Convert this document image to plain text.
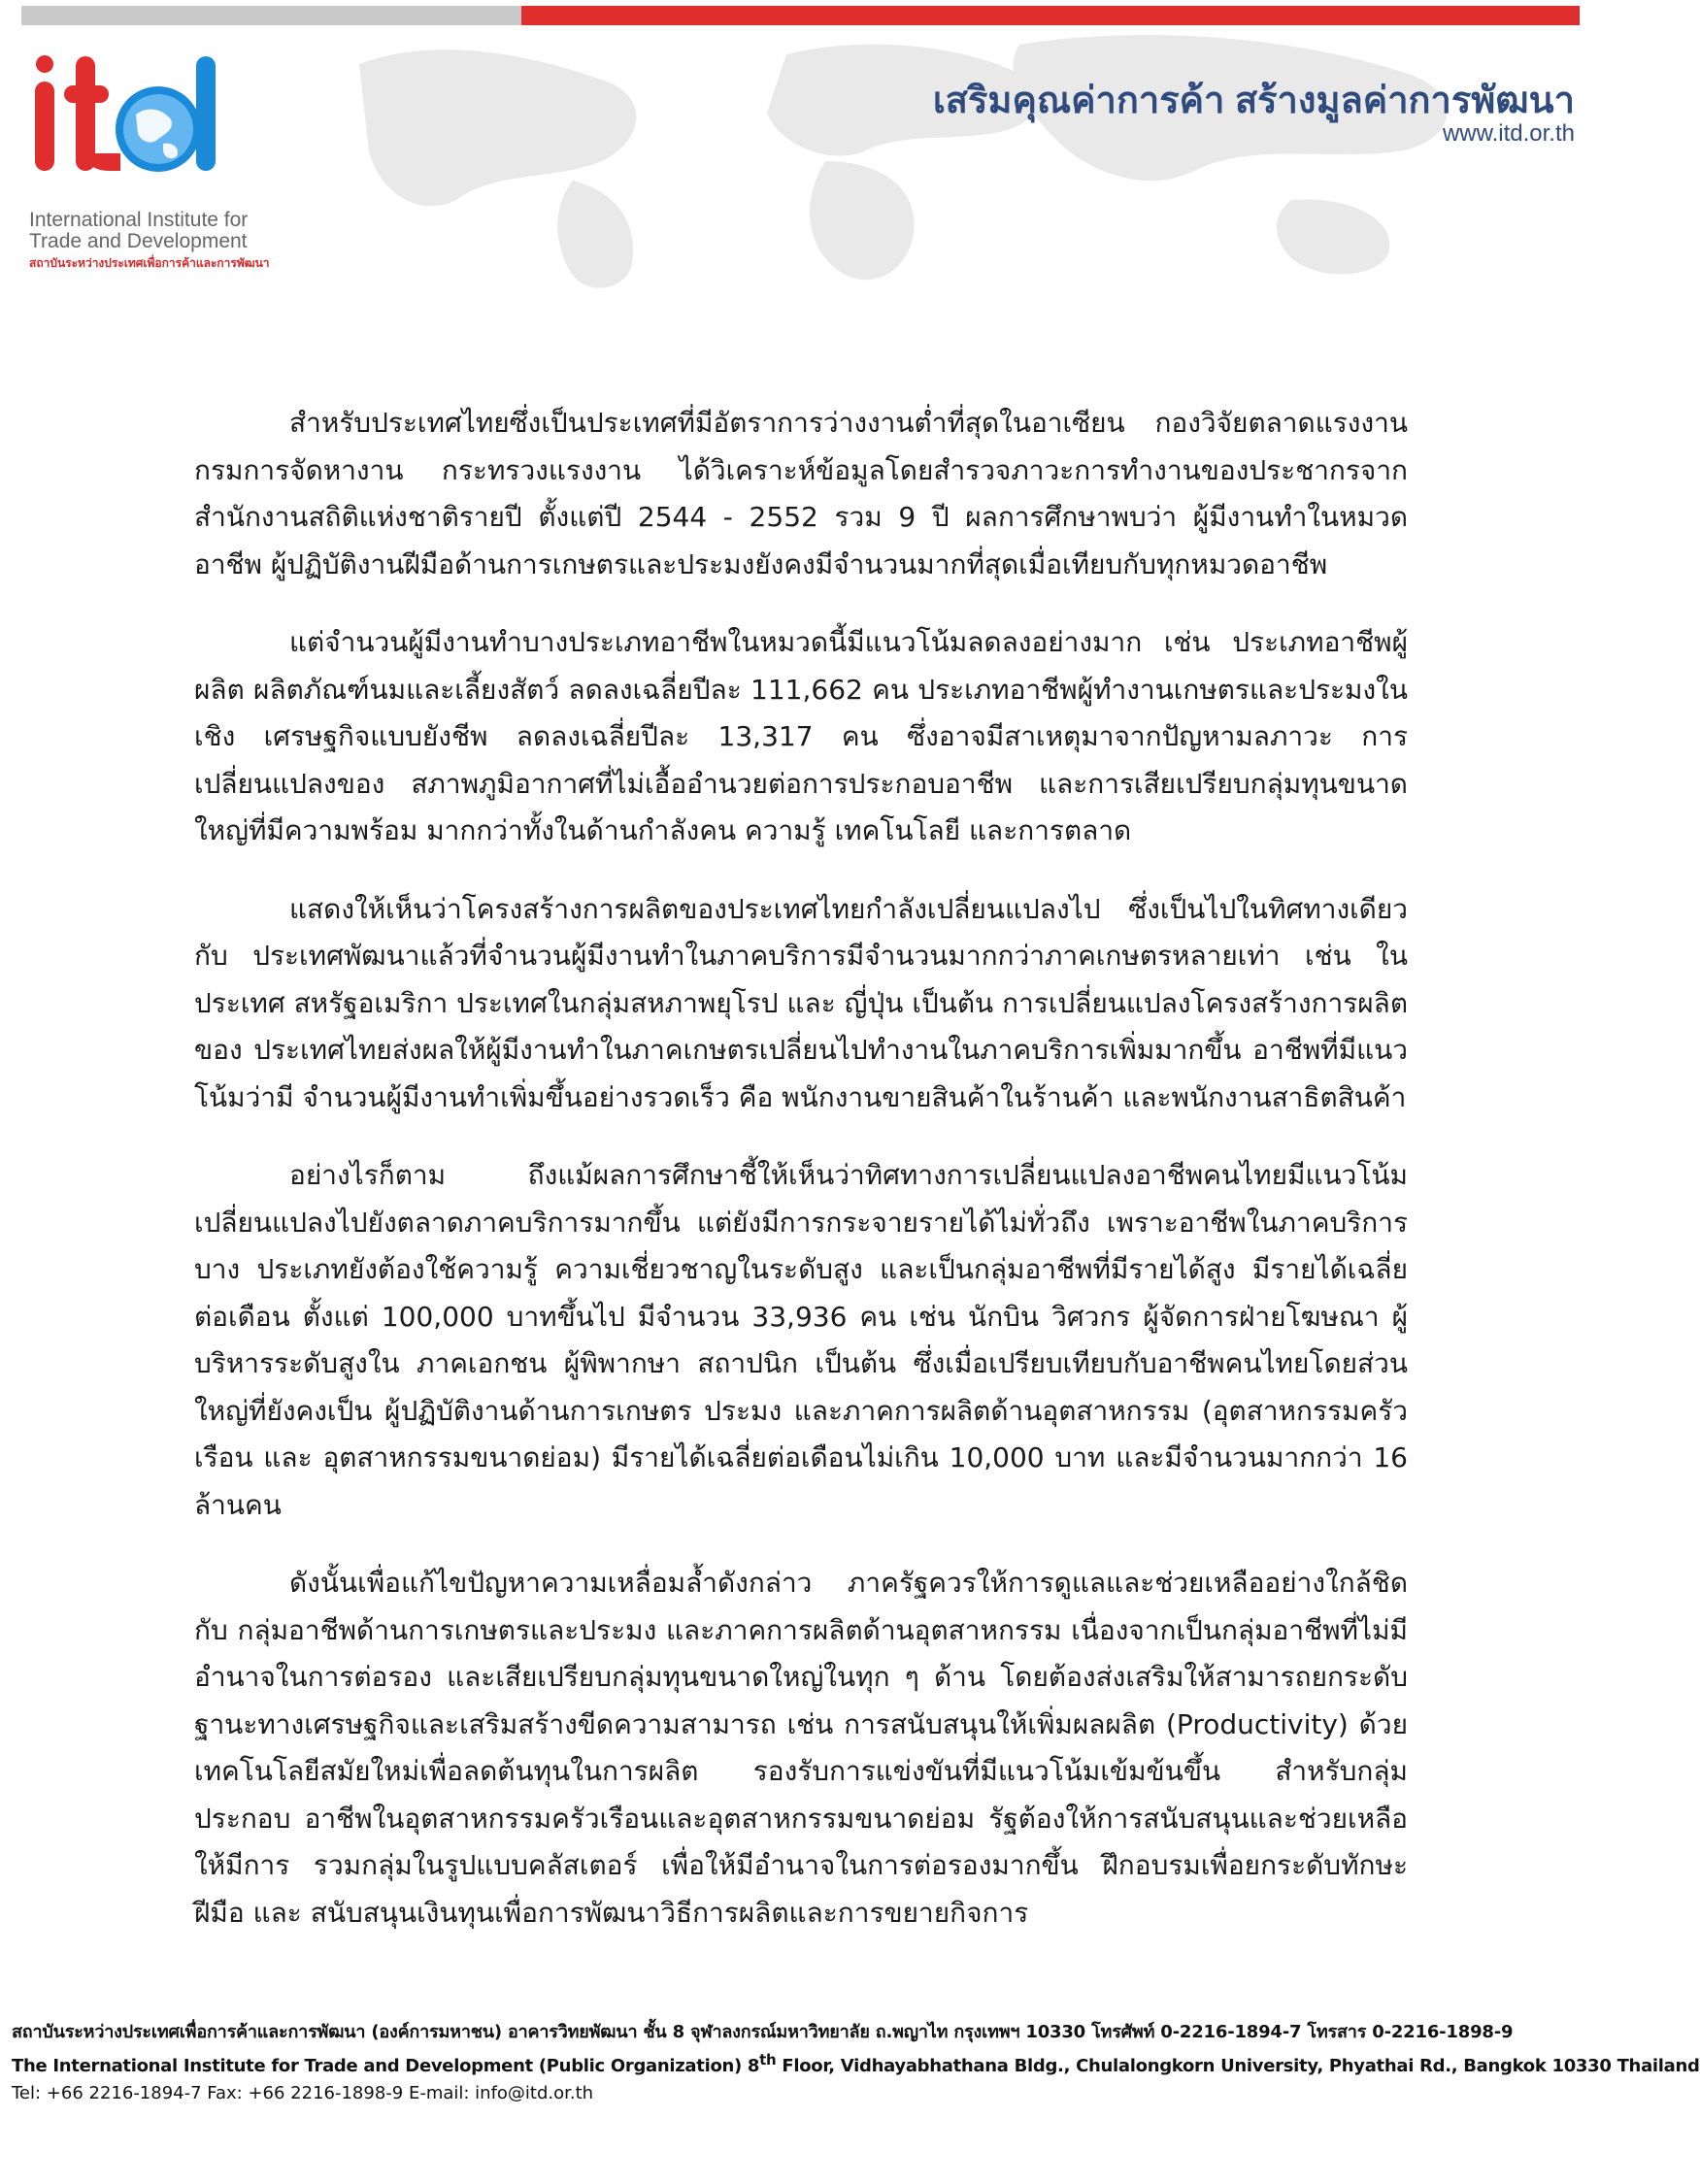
International Institute for
Trade and Development
สถาบันระหว่างประเทศเพื่อการค้าและการพัฒนา
เสริมคุณค่าการค้า สร้างมูลค่าการพัฒนา
www.itd.or.th

สำหรับประเทศไทยซึ่งเป็นประเทศที่มีอัตราการว่างงานต่ำที่สุดในอาเซียน กองวิจัยตลาดแรงงาน กรมการจัดหางาน กระทรวงแรงงาน ได้วิเคราะห์ข้อมูลโดยสำรวจภาวะการทำงานของประชากรจาก สำนักงานสถิติแห่งชาติรายปี ตั้งแต่ปี 2544 - 2552 รวม 9 ปี ผลการศึกษาพบว่า ผู้มีงานทำในหมวดอาชีพ ผู้ปฏิบัติงานฝีมือด้านการเกษตรและประมงยังคงมีจำนวนมากที่สุดเมื่อเทียบกับทุกหมวดอาชีพ

แต่จำนวนผู้มีงานทำบางประเภทอาชีพในหมวดนี้มีแนวโน้มลดลงอย่างมาก เช่น ประเภทอาชีพผู้ผลิต ผลิตภัณฑ์นมและเลี้ยงสัตว์ ลดลงเฉลี่ยปีละ 111,662 คน ประเภทอาชีพผู้ทำงานเกษตรและประมงในเชิง เศรษฐกิจแบบยังชีพ ลดลงเฉลี่ยปีละ 13,317 คน ซึ่งอาจมีสาเหตุมาจากปัญหามลภาวะ การเปลี่ยนแปลงของ สภาพภูมิอากาศที่ไม่เอื้ออำนวยต่อการประกอบอาชีพ และการเสียเปรียบกลุ่มทุนขนาดใหญ่ที่มีความพร้อม มากกว่าทั้งในด้านกำลังคน ความรู้ เทคโนโลยี และการตลาด

แสดงให้เห็นว่าโครงสร้างการผลิตของประเทศไทยกำลังเปลี่ยนแปลงไป ซึ่งเป็นไปในทิศทางเดียวกับ ประเทศพัฒนาแล้วที่จำนวนผู้มีงานทำในภาคบริการมีจำนวนมากกว่าภาคเกษตรหลายเท่า เช่น ในประเทศ สหรัฐอเมริกา ประเทศในกลุ่มสหภาพยุโรป และ ญี่ปุ่น เป็นต้น การเปลี่ยนแปลงโครงสร้างการผลิตของ ประเทศไทยส่งผลให้ผู้มีงานทำในภาคเกษตรเปลี่ยนไปทำงานในภาคบริการเพิ่มมากขึ้น อาชีพที่มีแนวโน้มว่ามี จำนวนผู้มีงานทำเพิ่มขึ้นอย่างรวดเร็ว คือ พนักงานขายสินค้าในร้านค้า และพนักงานสาธิตสินค้า

อย่างไรก็ตาม ถึงแม้ผลการศึกษาชี้ให้เห็นว่าทิศทางการเปลี่ยนแปลงอาชีพคนไทยมีแนวโน้ม เปลี่ยนแปลงไปยังตลาดภาคบริการมากขึ้น แต่ยังมีการกระจายรายได้ไม่ทั่วถึง เพราะอาชีพในภาคบริการบาง ประเภทยังต้องใช้ความรู้ ความเชี่ยวชาญในระดับสูง และเป็นกลุ่มอาชีพที่มีรายได้สูง มีรายได้เฉลี่ยต่อเดือน ตั้งแต่ 100,000 บาทขึ้นไป มีจำนวน 33,936 คน เช่น นักบิน วิศวกร ผู้จัดการฝ่ายโฆษณา ผู้บริหารระดับสูงใน ภาคเอกชน ผู้พิพากษา สถาปนิก เป็นต้น ซึ่งเมื่อเปรียบเทียบกับอาชีพคนไทยโดยส่วนใหญ่ที่ยังคงเป็น ผู้ปฏิบัติงานด้านการเกษตร ประมง และภาคการผลิตด้านอุตสาหกรรม (อุตสาหกรรมครัวเรือน และ อุตสาหกรรมขนาดย่อม) มีรายได้เฉลี่ยต่อเดือนไม่เกิน 10,000 บาท และมีจำนวนมากกว่า 16 ล้านคน

ดังนั้นเพื่อแก้ไขปัญหาความเหลื่อมล้ำดังกล่าว ภาครัฐควรให้การดูแลและช่วยเหลืออย่างใกล้ชิดกับ กลุ่มอาชีพด้านการเกษตรและประมง และภาคการผลิตด้านอุตสาหกรรม เนื่องจากเป็นกลุ่มอาชีพที่ไม่มี อำนาจในการต่อรอง และเสียเปรียบกลุ่มทุนขนาดใหญ่ในทุก ๆ ด้าน โดยต้องส่งเสริมให้สามารถยกระดับ ฐานะทางเศรษฐกิจและเสริมสร้างขีดความสามารถ เช่น การสนับสนุนให้เพิ่มผลผลิต (Productivity) ด้วย เทคโนโลยีสมัยใหม่เพื่อลดต้นทุนในการผลิต รองรับการแข่งขันที่มีแนวโน้มเข้มข้นขึ้น สำหรับกลุ่มประกอบ อาชีพในอุตสาหกรรมครัวเรือนและอุตสาหกรรมขนาดย่อม รัฐต้องให้การสนับสนุนและช่วยเหลือให้มีการ รวมกลุ่มในรูปแบบคลัสเตอร์ เพื่อให้มีอำนาจในการต่อรองมากขึ้น ฝึกอบรมเพื่อยกระดับทักษะฝีมือ และ สนับสนุนเงินทุนเพื่อการพัฒนาวิธีการผลิตและการขยายกิจการ

สถาบันระหว่างประเทศเพื่อการค้าและการพัฒนา (องค์การมหาชน) อาคารวิทยพัฒนา ชั้น 8 จุฬาลงกรณ์มหาวิทยาลัย ถ.พญาไท กรุงเทพฯ 10330 โทรศัพท์ 0-2216-1894-7 โทรสาร 0-2216-1898-9
The International Institute for Trade and Development (Public Organization) 8th Floor, Vidhayabhathana Bldg., Chulalongkorn University, Phyathai Rd., Bangkok 10330 Thailand
Tel: +66 2216-1894-7 Fax: +66 2216-1898-9 E-mail: info@itd.or.th
